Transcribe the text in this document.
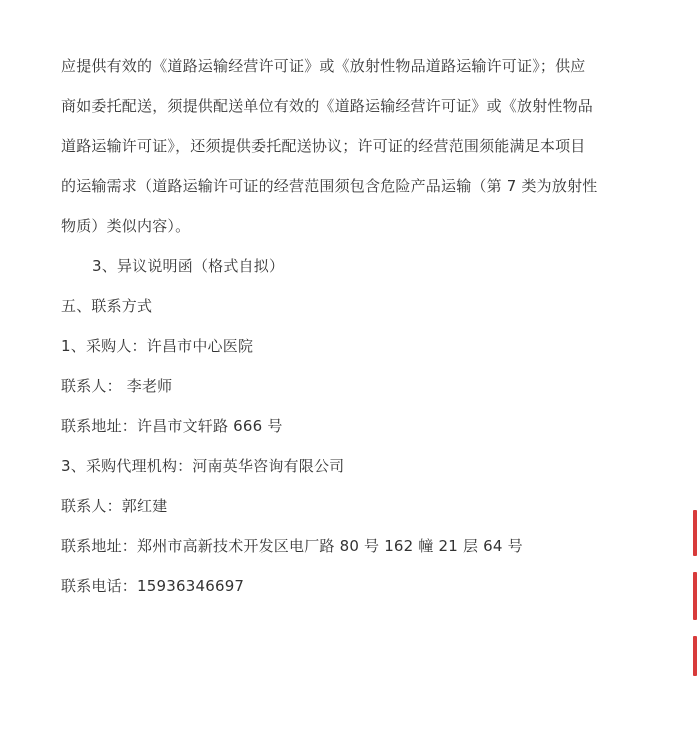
应提供有效的《道路运输经营许可证》或《放射性物品道路运输许可证》；供应
商如委托配送，须提供配送单位有效的《道路运输经营许可证》或《放射性物品
道路运输许可证》，还须提供委托配送协议；许可证的经营范围须能满足本项目
的运输需求（道路运输许可证的经营范围须包含危险产品运输（第 7 类为放射性
物质）类似内容）。
3、异议说明函（格式自拟）
五、联系方式
1、采购人：许昌市中心医院
联系人： 李老师
联系地址：许昌市文轩路 666 号
3、采购代理机构：河南英华咨询有限公司
联系人：郭红建
联系地址：郑州市高新技术开发区电厂路 80 号 162 幢 21 层 64 号
联系电话：15936346697
